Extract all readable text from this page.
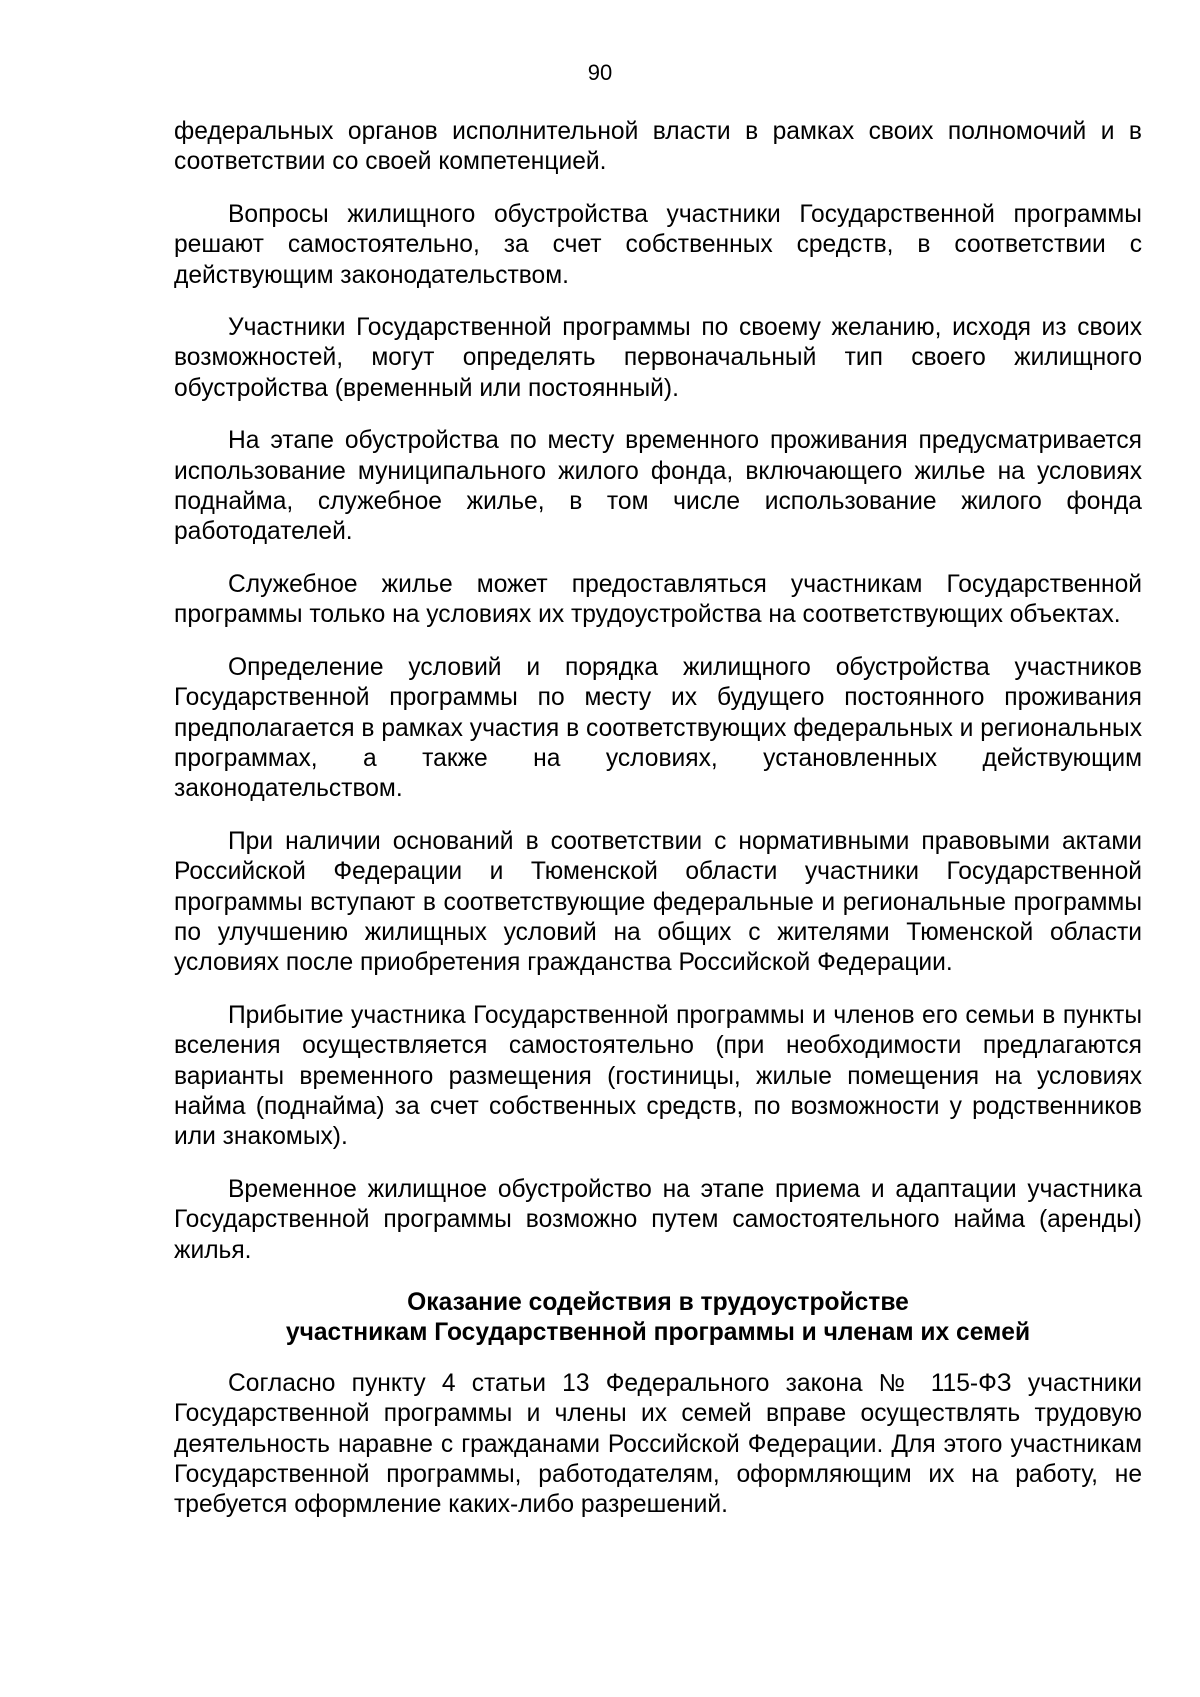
90

федеральных органов исполнительной власти в рамках своих полномочий и в соответствии со своей компетенцией.

Вопросы жилищного обустройства участники Государственной программы решают самостоятельно, за счет собственных средств, в соответствии с действующим законодательством.

Участники Государственной программы по своему желанию, исходя из своих возможностей, могут определять первоначальный тип своего жилищного обустройства (временный или постоянный).

На этапе обустройства по месту временного проживания предусматривается использование муниципального жилого фонда, включающего жилье на условиях поднайма, служебное жилье, в том числе использование жилого фонда работодателей.

Служебное жилье может предоставляться участникам Государственной программы только на условиях их трудоустройства на соответствующих объектах.

Определение условий и порядка жилищного обустройства участников Государственной программы по месту их будущего постоянного проживания предполагается в рамках участия в соответствующих федеральных и региональных программах, а также на условиях, установленных действующим законодательством.

При наличии оснований в соответствии с нормативными правовыми актами Российской Федерации и Тюменской области участники Государственной программы вступают в соответствующие федеральные и региональные программы по улучшению жилищных условий на общих с жителями Тюменской области условиях после приобретения гражданства Российской Федерации.

Прибытие участника Государственной программы и членов его семьи в пункты вселения осуществляется самостоятельно (при необходимости предлагаются варианты временного размещения (гостиницы, жилые помещения на условиях найма (поднайма) за счет собственных средств, по возможности у родственников или знакомых).

Временное жилищное обустройство на этапе приема и адаптации участника Государственной программы возможно путем самостоятельного найма (аренды) жилья.

Оказание содействия в трудоустройстве
участникам Государственной программы и членам их семей

Согласно пункту 4 статьи 13 Федерального закона № 115-ФЗ участники Государственной программы и члены их семей вправе осуществлять трудовую деятельность наравне с гражданами Российской Федерации. Для этого участникам Государственной программы, работодателям, оформляющим их на работу, не требуется оформление каких-либо разрешений.
